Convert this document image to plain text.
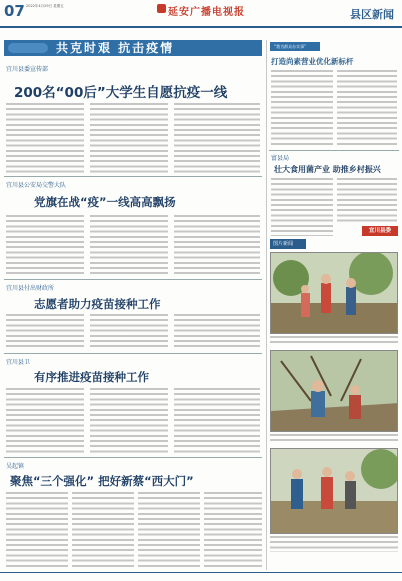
07 2022年4月29日 星期五
延安广播电视报	县区新闻
共克时艰 抗击疫情
宜川县委宣传部
200名“00后”大学生自愿抗疫一线
宜川县公安局交警大队
党旗在战“疫”一线高高飘扬
宜川县付出财政所
志愿者助力疫苗接种工作
宜川县卫
有序推进疫苗接种工作
吴起镇
聚焦“三个强化” 把好新蔡“西大门”
“我为群众办实事”
打造尚素营业优化新标杆
富县局
壮大食用菌产业 助推乡村振兴
宜川县委
图片新闻
